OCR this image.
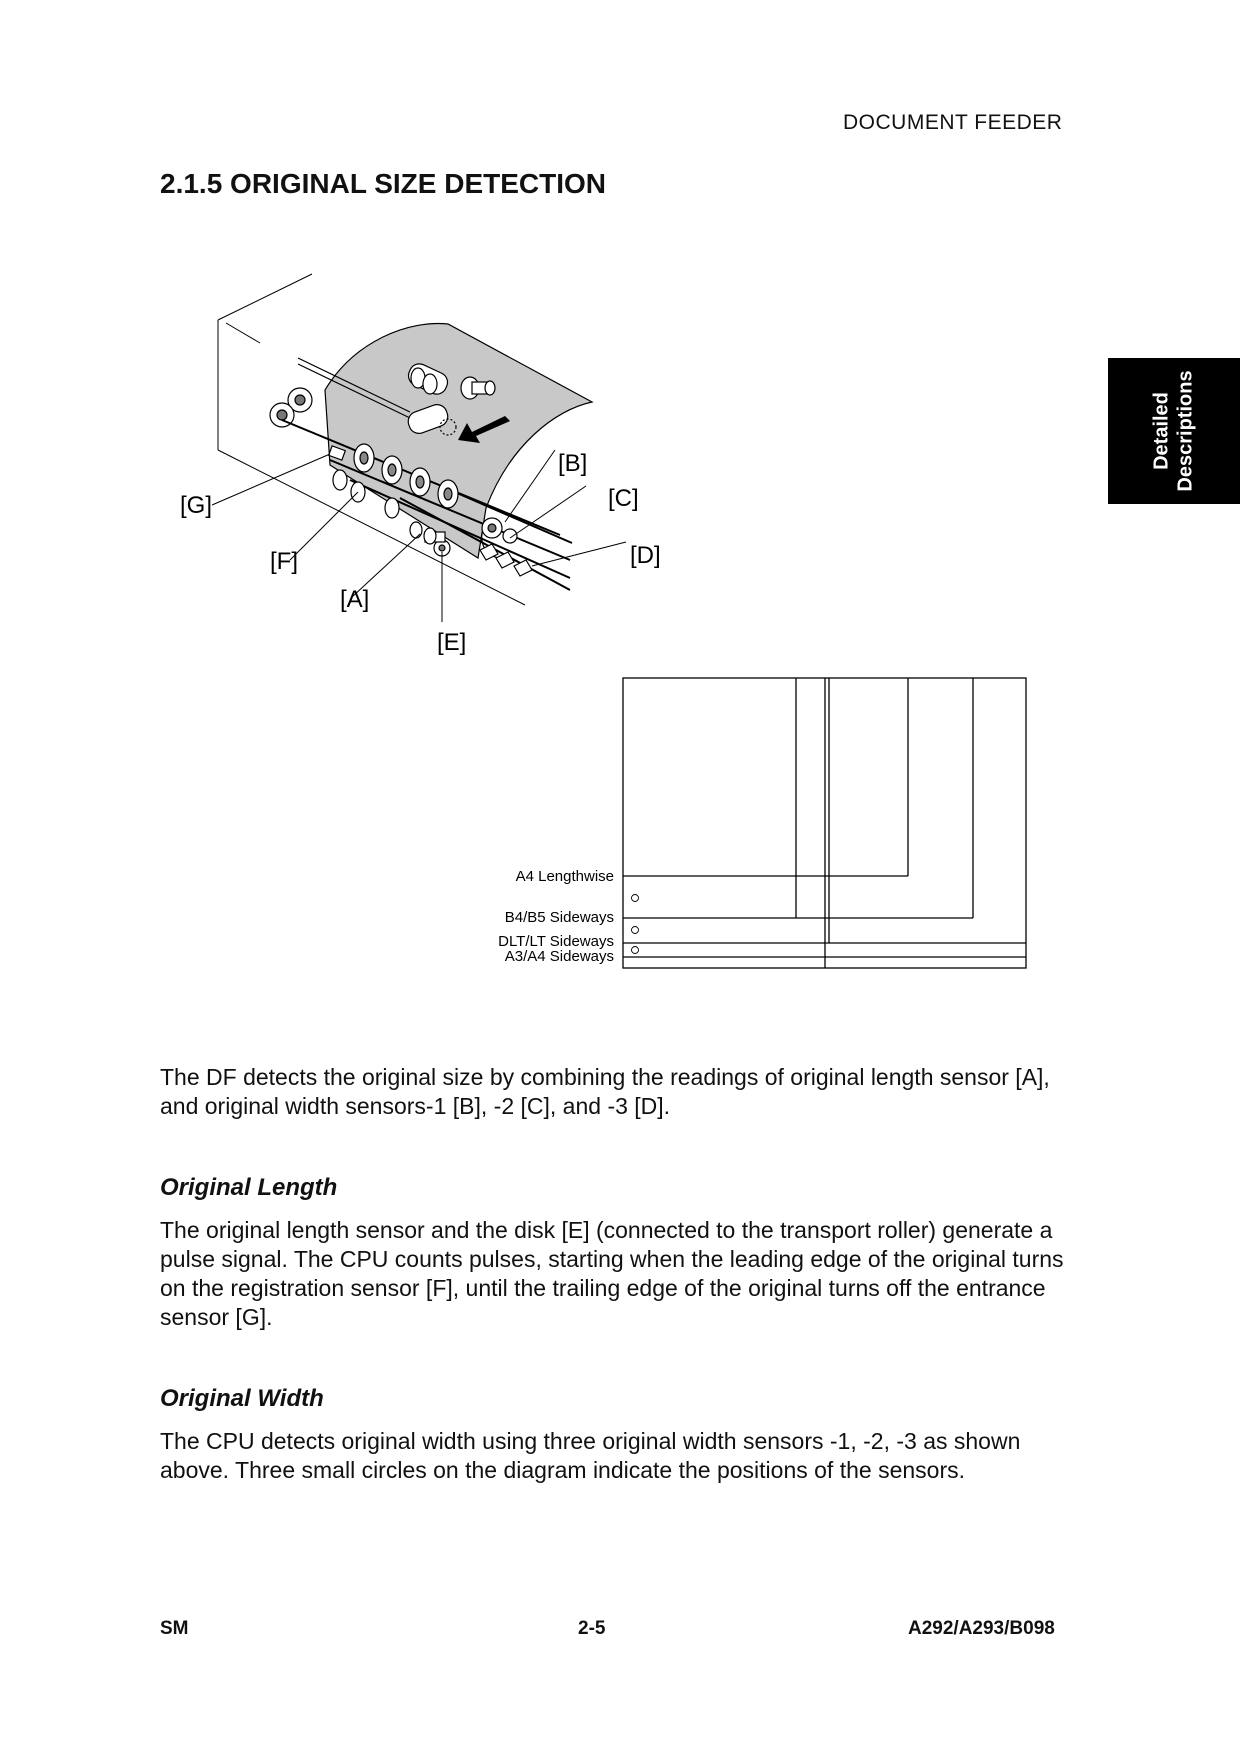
DOCUMENT FEEDER
2.1.5 ORIGINAL SIZE DETECTION
Detailed Descriptions
[G]
[F]
[A]
[E]
[B]
[C]
[D]
A4 Lengthwise
B4/B5 Sideways
DLT/LT Sideways
A3/A4 Sideways

The DF detects the original size by combining the readings of original length sensor [A], and original width sensors-1 [B], -2 [C], and -3 [D].

Original Length

The original length sensor and the disk [E] (connected to the transport roller) generate a pulse signal. The CPU counts pulses, starting when the leading edge of the original turns on the registration sensor [F], until the trailing edge of the original turns off the entrance sensor [G].

Original Width

The CPU detects original width using three original width sensors -1, -2, -3 as shown above. Three small circles on the diagram indicate the positions of the sensors.

SM	2-5	A292/A293/B098
